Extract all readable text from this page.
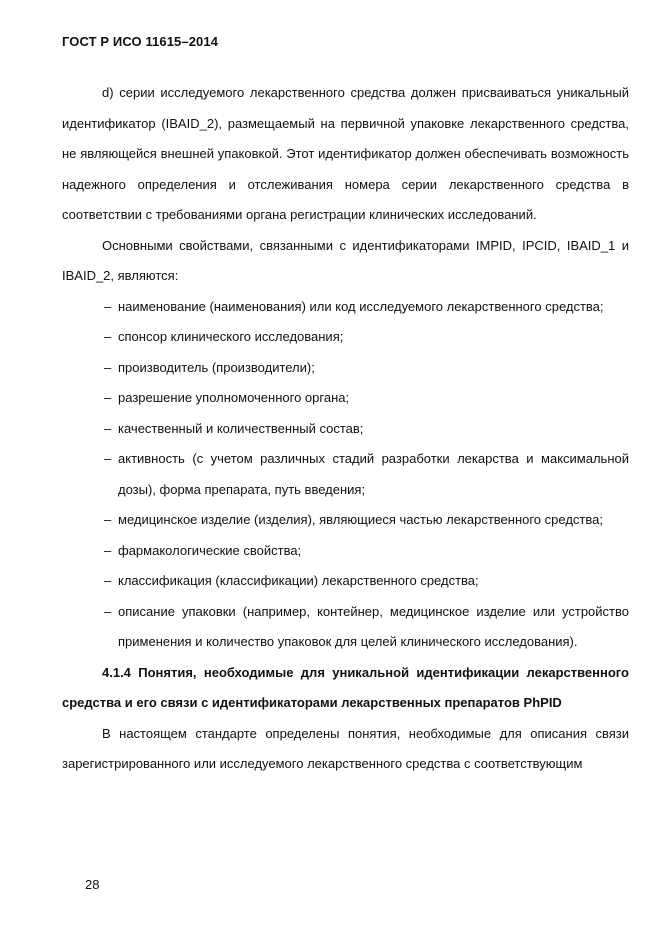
ГОСТ Р ИСО 11615–2014

d) серии исследуемого лекарственного средства должен присваиваться уникальный идентификатор (IBAID_2), размещаемый на первичной упаковке лекарственного средства, не являющейся внешней упаковкой. Этот идентификатор должен обеспечивать возможность надежного определения и отслеживания номера серии лекарственного средства в соответствии с требованиями органа регистрации клинических исследований.

Основными свойствами, связанными с идентификаторами IMPID, IPCID, IBAID_1 и IBAID_2, являются:

– наименование (наименования) или код исследуемого лекарственного средства;
– спонсор клинического исследования;
– производитель (производители);
– разрешение уполномоченного органа;
– качественный и количественный состав;
– активность (с учетом различных стадий разработки лекарства и максимальной дозы), форма препарата, путь введения;
– медицинское изделие (изделия), являющиеся частью лекарственного средства;
– фармакологические свойства;
– классификация (классификации) лекарственного средства;
– описание упаковки (например, контейнер, медицинское изделие или устройство применения и количество упаковок для целей клинического исследования).

4.1.4 Понятия, необходимые для уникальной идентификации лекарственного средства и его связи с идентификаторами лекарственных препаратов PhPID

В настоящем стандарте определены понятия, необходимые для описания связи зарегистрированного или исследуемого лекарственного средства с соответствующим

28
